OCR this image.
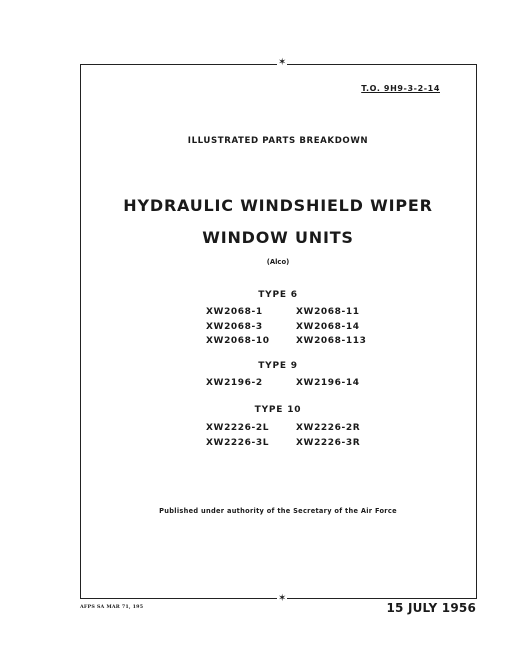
✶
✶
T.O. 9H9-3-2-14
ILLUSTRATED PARTS BREAKDOWN
HYDRAULIC WINDSHIELD WIPER
WINDOW UNITS
(Alco)
TYPE 6
XW2068-1	XW2068-11
XW2068-3	XW2068-14
XW2068-10	XW2068-113
TYPE 9
XW2196-2	XW2196-14
TYPE 10
XW2226-2L	XW2226-2R
XW2226-3L	XW2226-3R
Published under authority of the Secretary of the Air Force
AFPS SA MAR 71, 195	15 JULY 1956
